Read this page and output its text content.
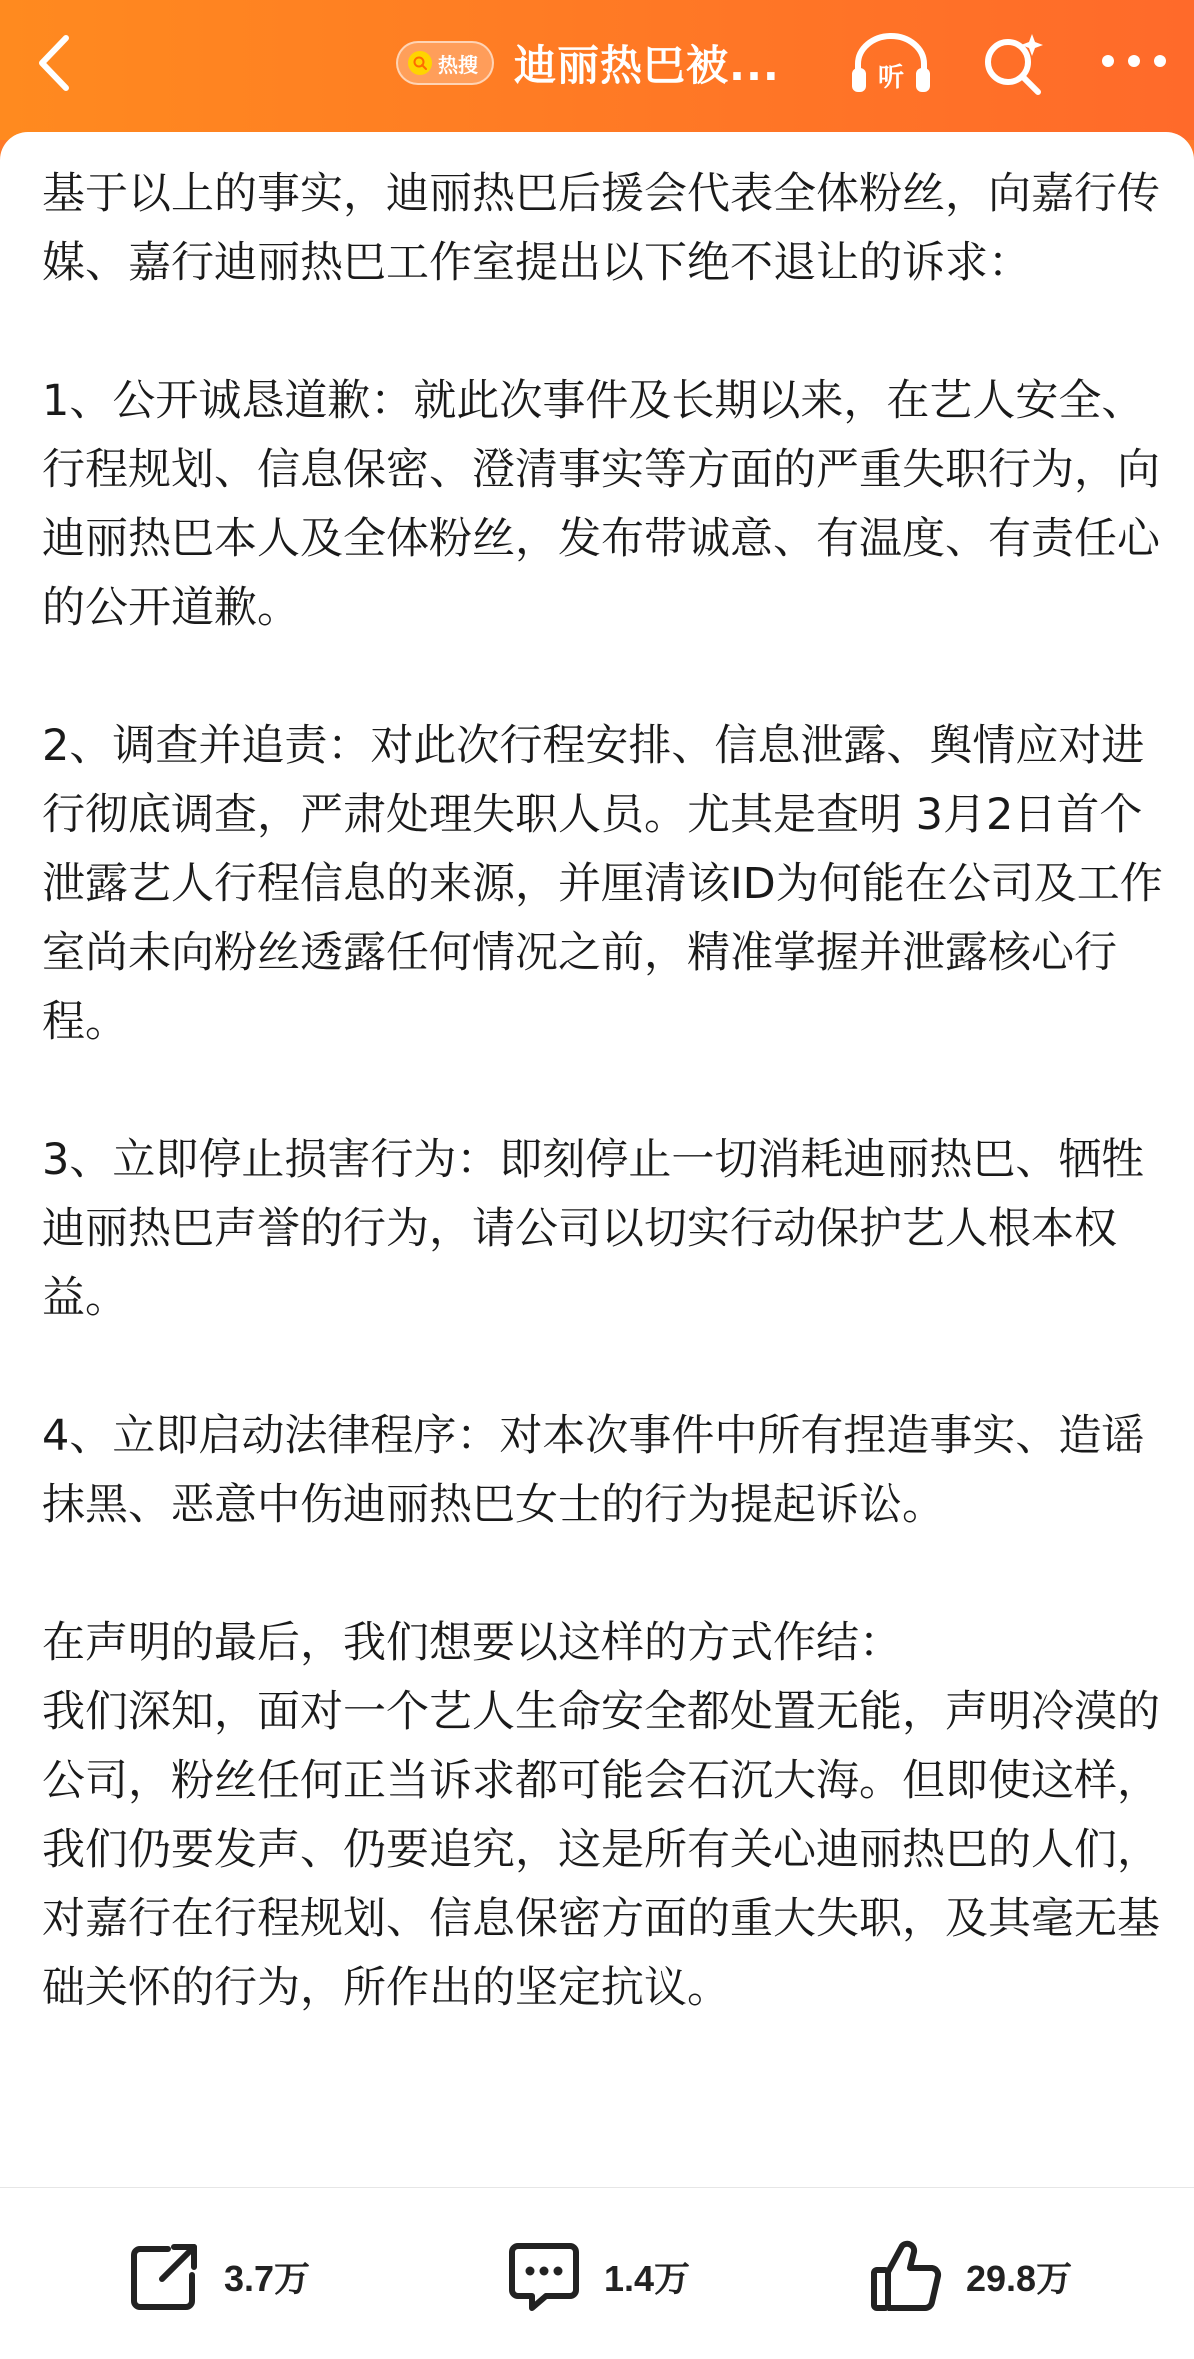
热搜 迪丽热巴被...	听

基于以上的事实，迪丽热巴后援会代表全体粉丝，向嘉行传媒、嘉行迪丽热巴工作室提出以下绝不退让的诉求：

1、公开诚恳道歉：就此次事件及长期以来，在艺人安全、行程规划、信息保密、澄清事实等方面的严重失职行为，向迪丽热巴本人及全体粉丝，发布带诚意、有温度、有责任心的公开道歉。

2、调查并追责：对此次行程安排、信息泄露、舆情应对进行彻底调查，严肃处理失职人员。尤其是查明 3月2日首个泄露艺人行程信息的来源，并厘清该ID为何能在公司及工作室尚未向粉丝透露任何情况之前，精准掌握并泄露核心行程。

3、立即停止损害行为：即刻停止一切消耗迪丽热巴、牺牲迪丽热巴声誉的行为，请公司以切实行动保护艺人根本权益。

4、立即启动法律程序：对本次事件中所有捏造事实、造谣抹黑、恶意中伤迪丽热巴女士的行为提起诉讼。

在声明的最后，我们想要以这样的方式作结：

我们深知，面对一个艺人生命安全都处置无能，声明冷漠的公司，粉丝任何正当诉求都可能会石沉大海。但即使这样，我们仍要发声、仍要追究，这是所有关心迪丽热巴的人们，对嘉行在行程规划、信息保密方面的重大失职，及其毫无基础关怀的行为，所作出的坚定抗议。

3.7万	1.4万	29.8万
